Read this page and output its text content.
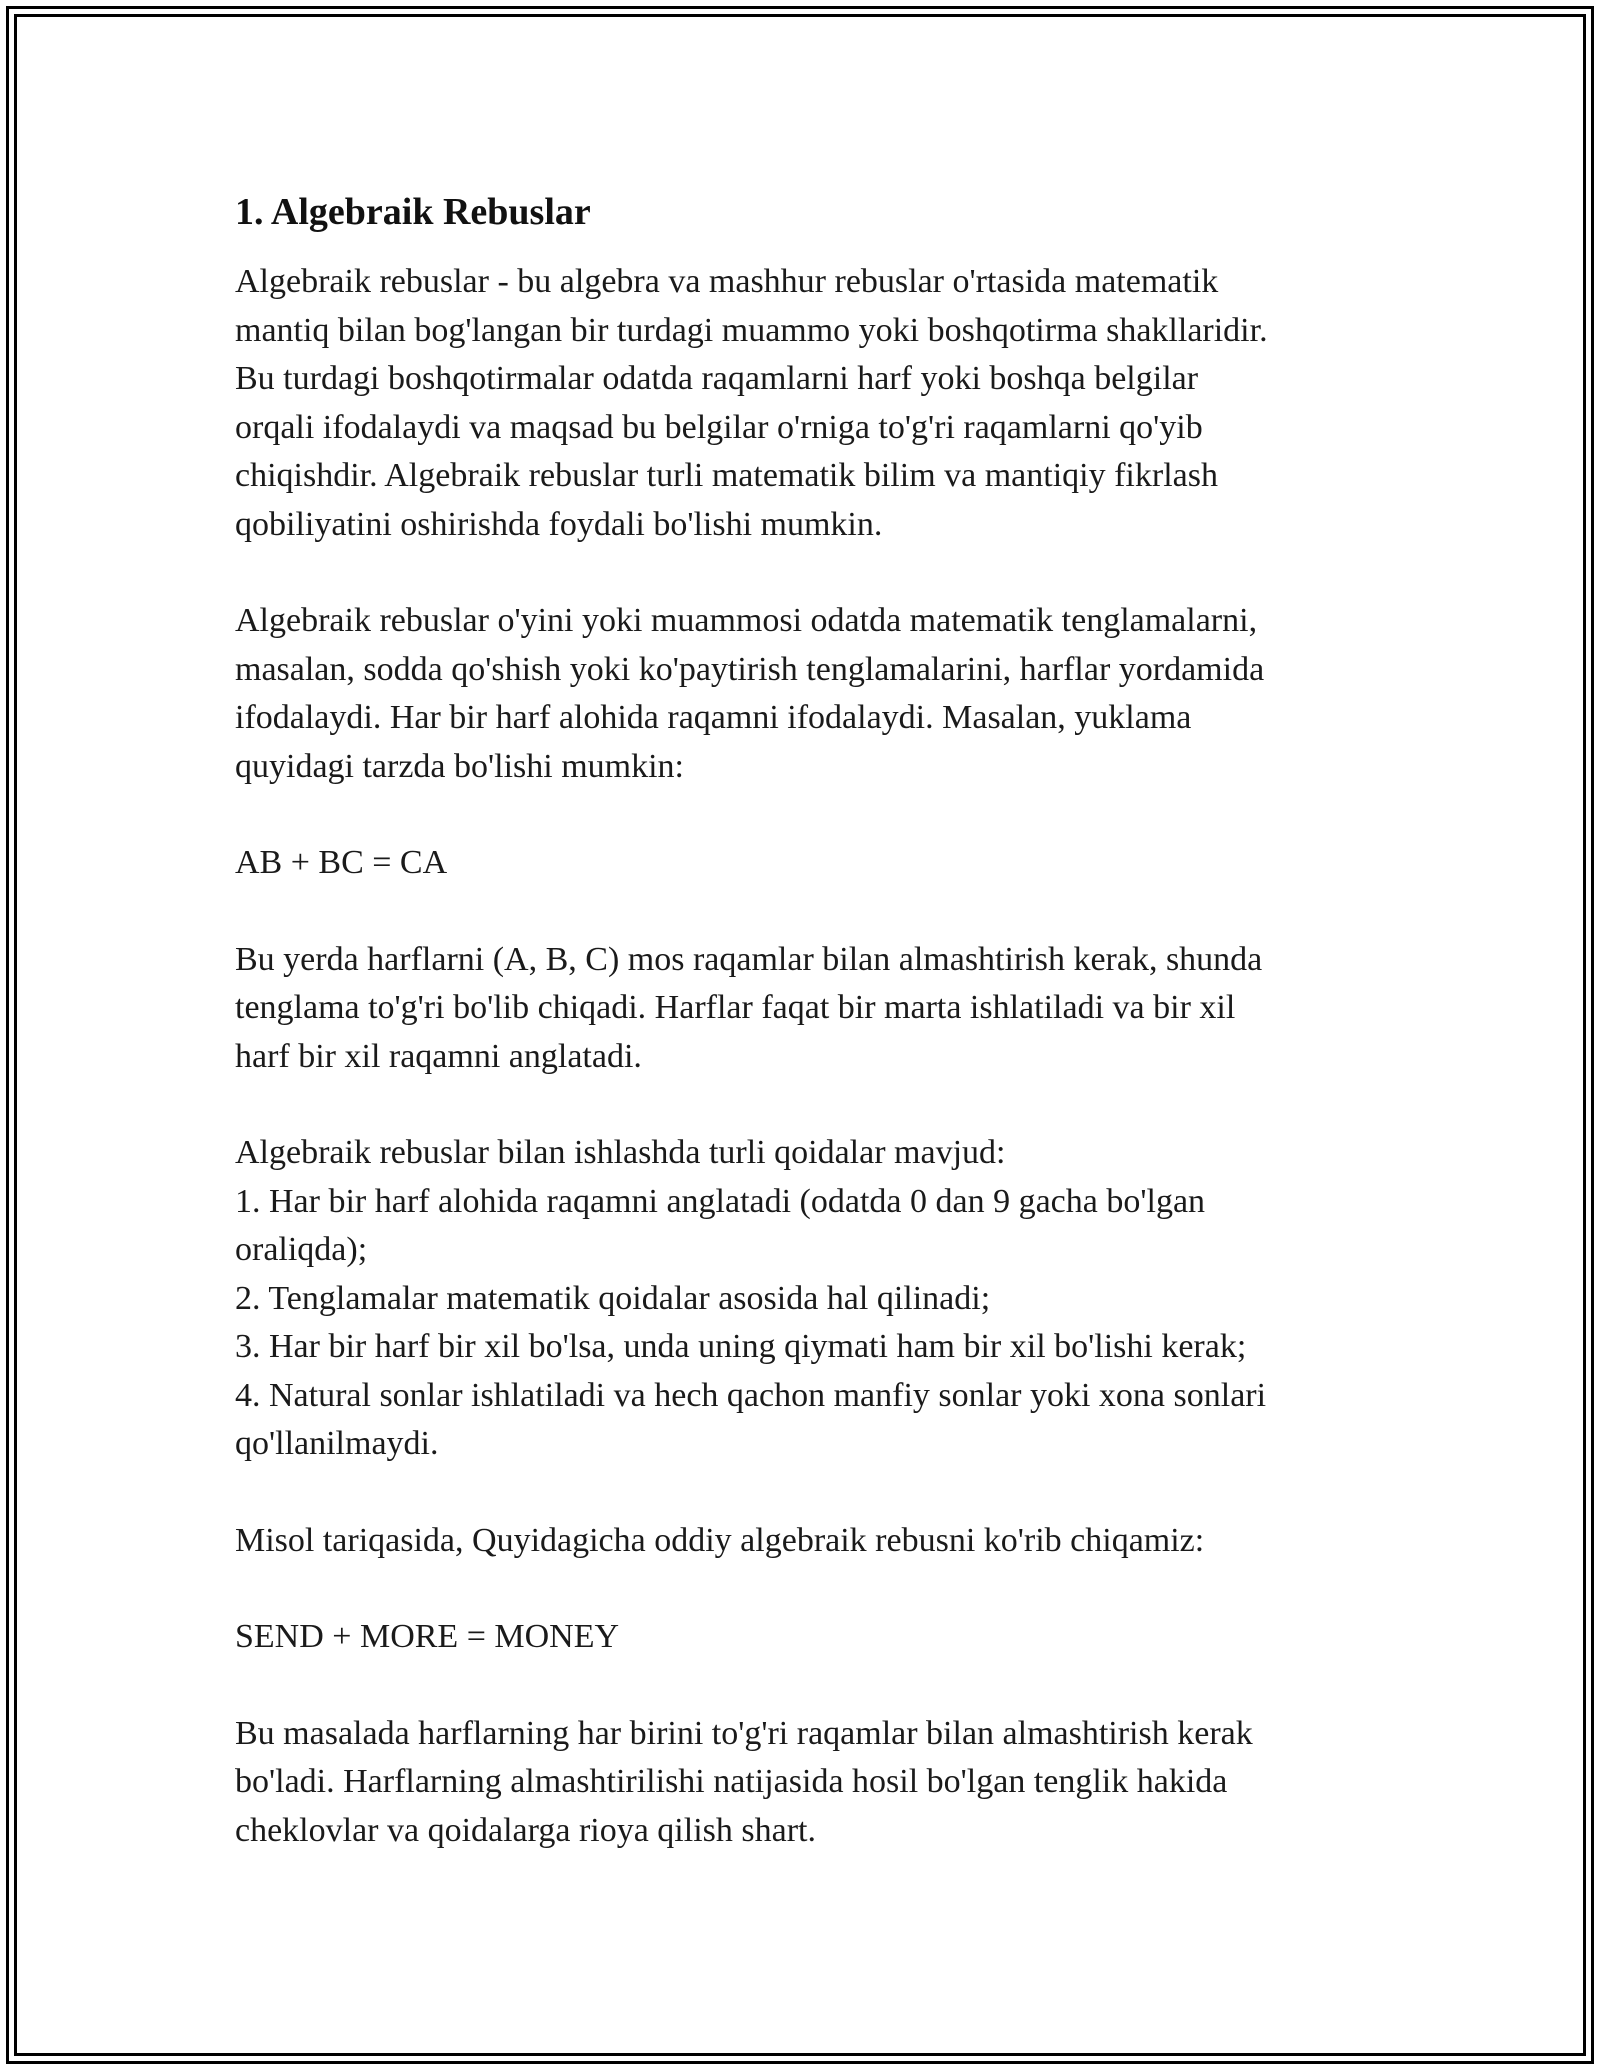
1. Algebraik Rebuslar

Algebraik rebuslar - bu algebra va mashhur rebuslar o'rtasida matematik
mantiq bilan bog'langan bir turdagi muammo yoki boshqotirma shakllaridir.
Bu turdagi boshqotirmalar odatda raqamlarni harf yoki boshqa belgilar
orqali ifodalaydi va maqsad bu belgilar o'rniga to'g'ri raqamlarni qo'yib
chiqishdir. Algebraik rebuslar turli matematik bilim va mantiqiy fikrlash
qobiliyatini oshirishda foydali bo'lishi mumkin.

Algebraik rebuslar o'yini yoki muammosi odatda matematik tenglamalarni,
masalan, sodda qo'shish yoki ko'paytirish tenglamalarini, harflar yordamida
ifodalaydi. Har bir harf alohida raqamni ifodalaydi. Masalan, yuklama
quyidagi tarzda bo'lishi mumkin:

AB + BC = CA

Bu yerda harflarni (A, B, C) mos raqamlar bilan almashtirish kerak, shunda
tenglama to'g'ri bo'lib chiqadi. Harflar faqat bir marta ishlatiladi va bir xil
harf bir xil raqamni anglatadi.

Algebraik rebuslar bilan ishlashda turli qoidalar mavjud:
1. Har bir harf alohida raqamni anglatadi (odatda 0 dan 9 gacha bo'lgan
oraliqda);
2. Tenglamalar matematik qoidalar asosida hal qilinadi;
3. Har bir harf bir xil bo'lsa, unda uning qiymati ham bir xil bo'lishi kerak;
4. Natural sonlar ishlatiladi va hech qachon manfiy sonlar yoki xona sonlari
qo'llanilmaydi.

Misol tariqasida, Quyidagicha oddiy algebraik rebusni ko'rib chiqamiz:

SEND + MORE = MONEY

Bu masalada harflarning har birini to'g'ri raqamlar bilan almashtirish kerak
bo'ladi. Harflarning almashtirilishi natijasida hosil bo'lgan tenglik hakida
cheklovlar va qoidalarga rioya qilish shart.
